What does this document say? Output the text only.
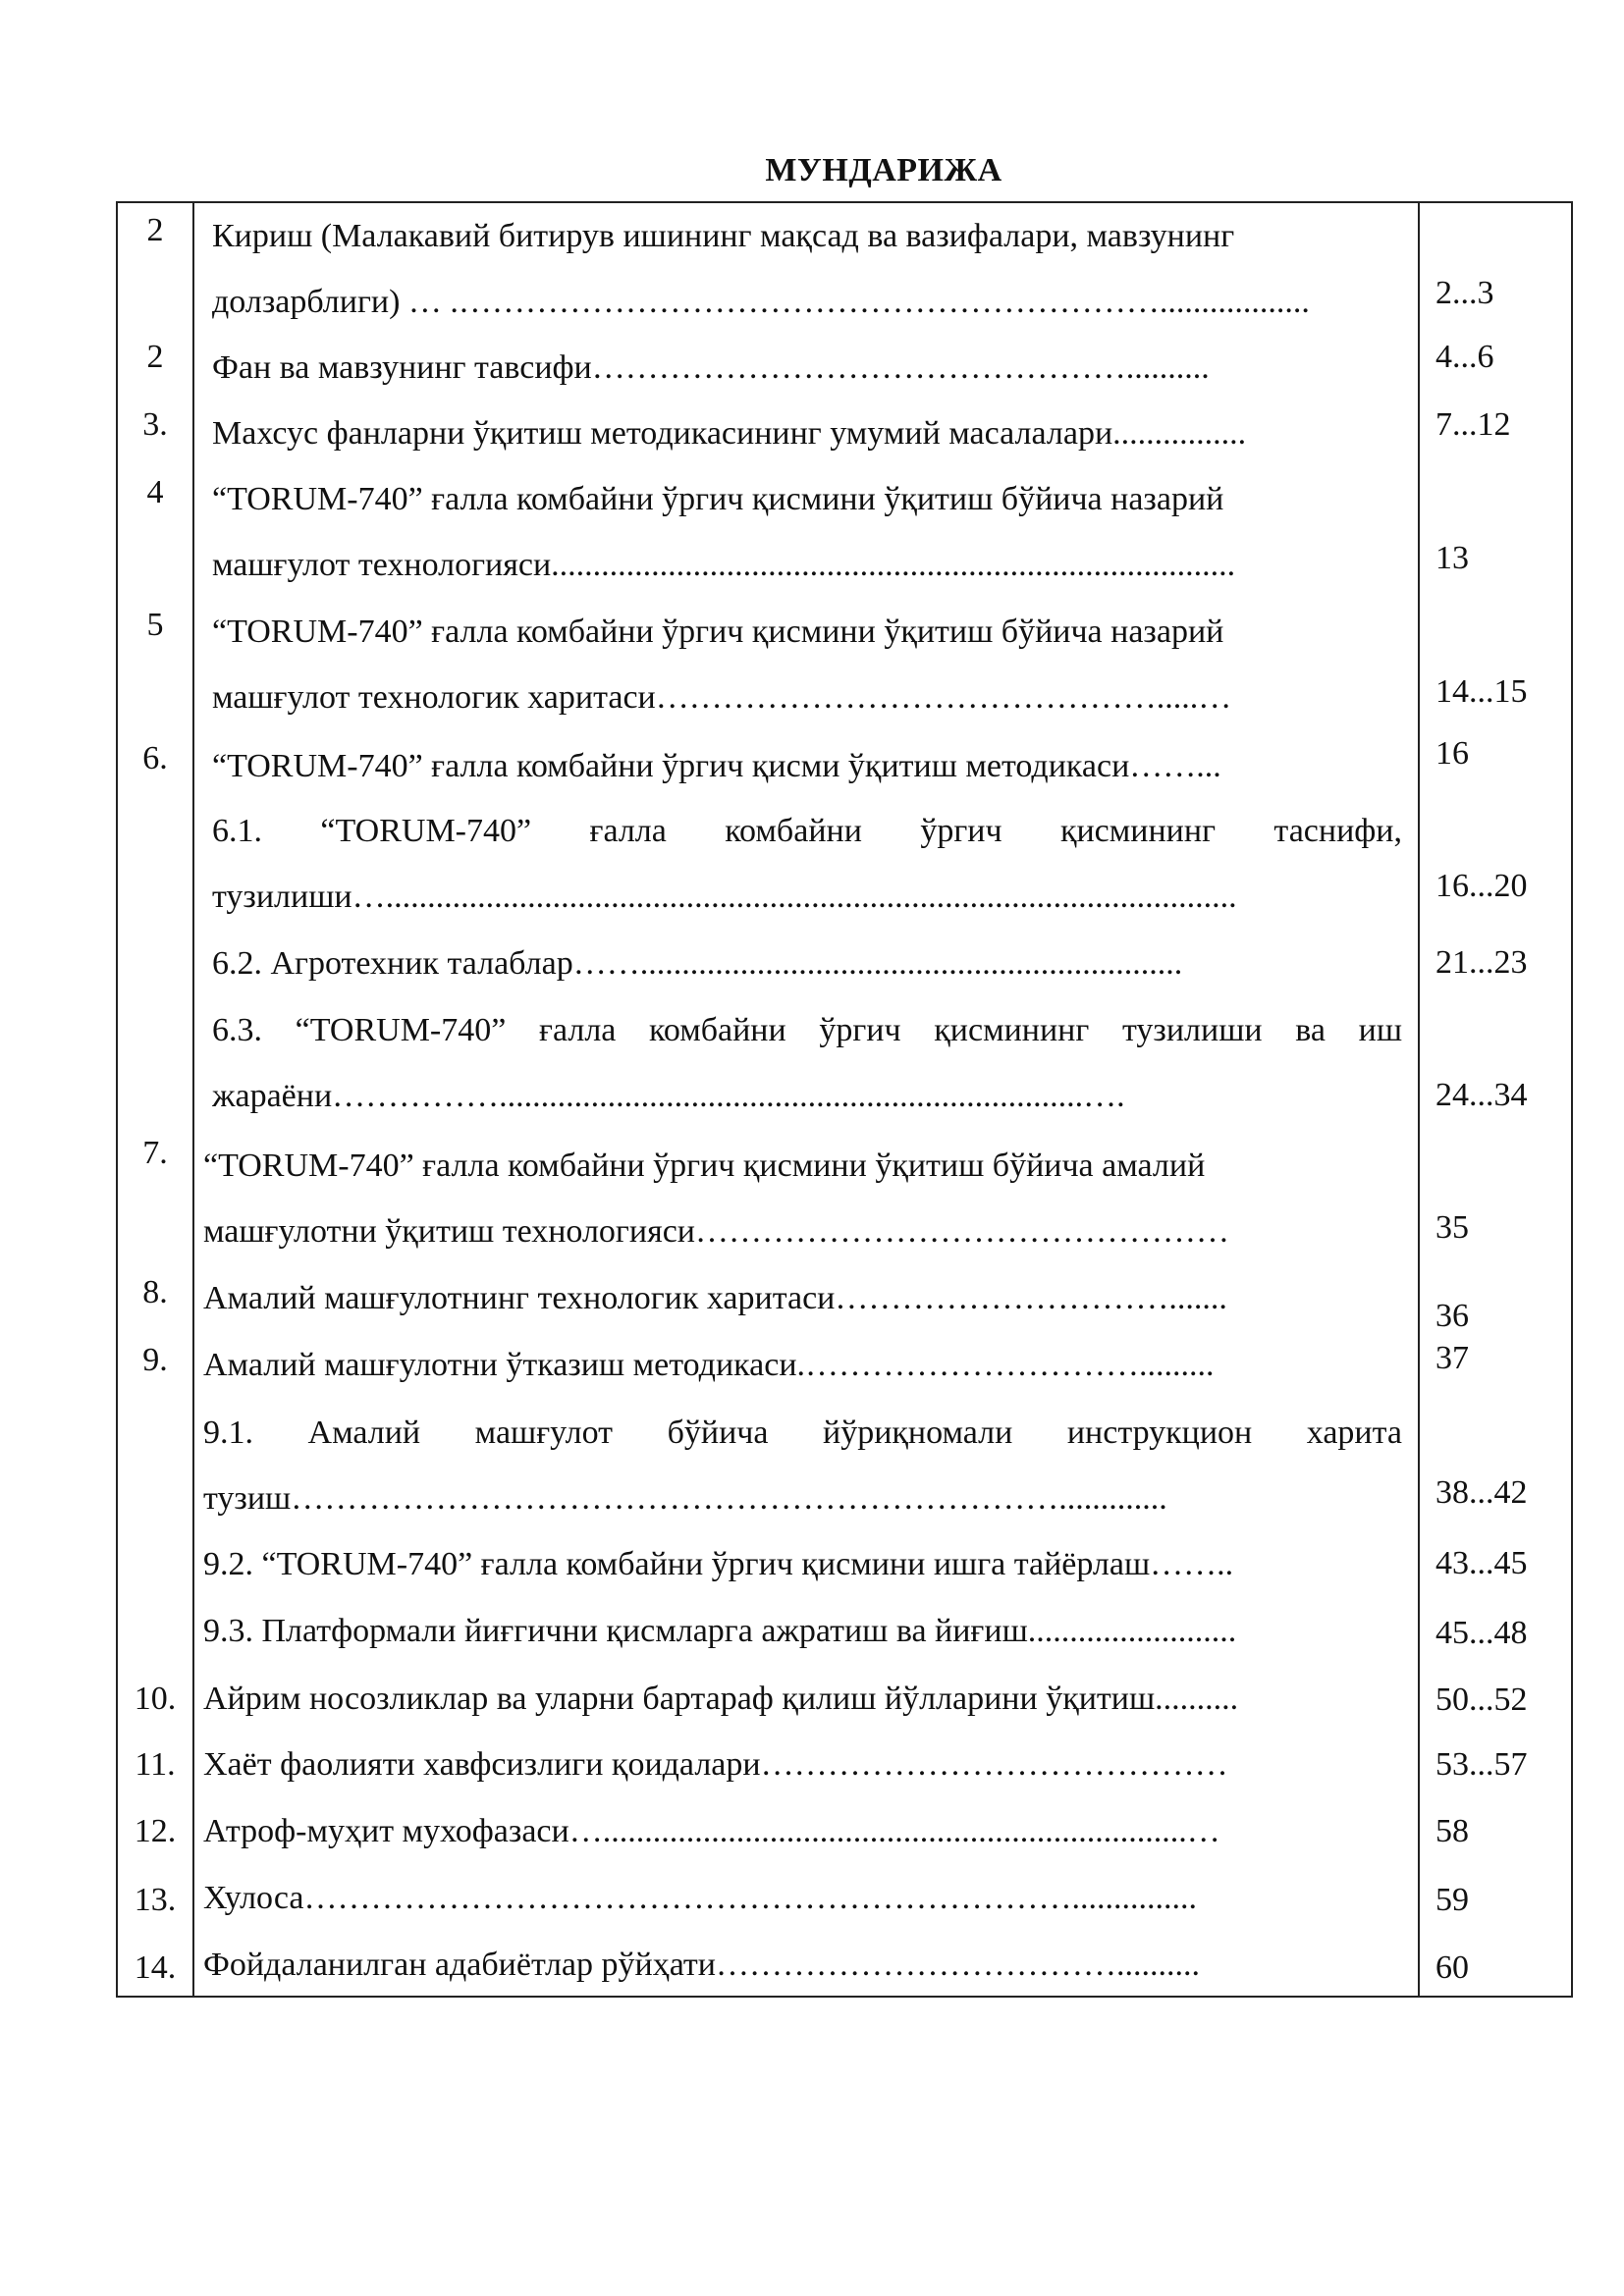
МУНДАРИЖА
2	Кириш (Малакавий битирув ишининг мақсад ва вазифалари, мавзунинг
долзарблиги) … .………………………………………………………..................	2...3
2	Фан ва мавзунинг тавсифи…………………………………………..........	4...6
3.	Махсус фанларни ўқитиш методикасининг умумий масалалари................	7...12
4	“TORUM-740” ғалла комбайни ўргич қисмини ўқитиш бўйича назарий
машғулот технологияси..................................................................................	13
5	“TORUM-740” ғалла комбайни ўргич қисмини ўқитиш бўйича назарий
машғулот технологик харитаси……………………………………….....…	14...15
6.	“TORUM-740” ғалла комбайни ўргич қисми ўқитиш методикаси……...	16
6.1. “TORUM-740” ғалла комбайни ўргич қисмининг таснифи,
тузилиши…......................................................................................................	16...20
6.2. Агротехник талаблар…….................................................................	21...23
6.3. “TORUM-740” ғалла комбайни ўргич қисмининг тузилиши ва иш
жараёни……………......................................................................….	24...34
7.	“TORUM-740” ғалла комбайни ўргич қисмини ўқитиш бўйича амалий
машғулотни ўқитиш технологияси…………………………………………	35
8.	Амалий машғулотнинг технологик харитаси………………………….......	36
9.	Амалий машғулотни ўтказиш методикаси.………………………….........	37
9.1. Амалий машғулот бўйича йўриқномали инструкцион харита
тузиш…………………………………………………………….............	38...42
9.2. “TORUM-740” ғалла комбайни ўргич қисмини ишга тайёрлаш……..	43...45
9.3. Платформали йиғгични қисмларга ажратиш ва йиғиш.........................	45...48
10. Айрим носозликлар ва уларни бартараф қилиш йўлларини ўқитиш..........	50...52
11. Хаёт фаолияти хавфсизлиги қоидалари……………………………………	53...57
12. Атроф-муҳит мухофазаси…......................................................................…	58
13. Хулоса……………………………………………………………...............	59
14. Фойдаланилган адабиётлар рўйҳати………………………………..........	60
